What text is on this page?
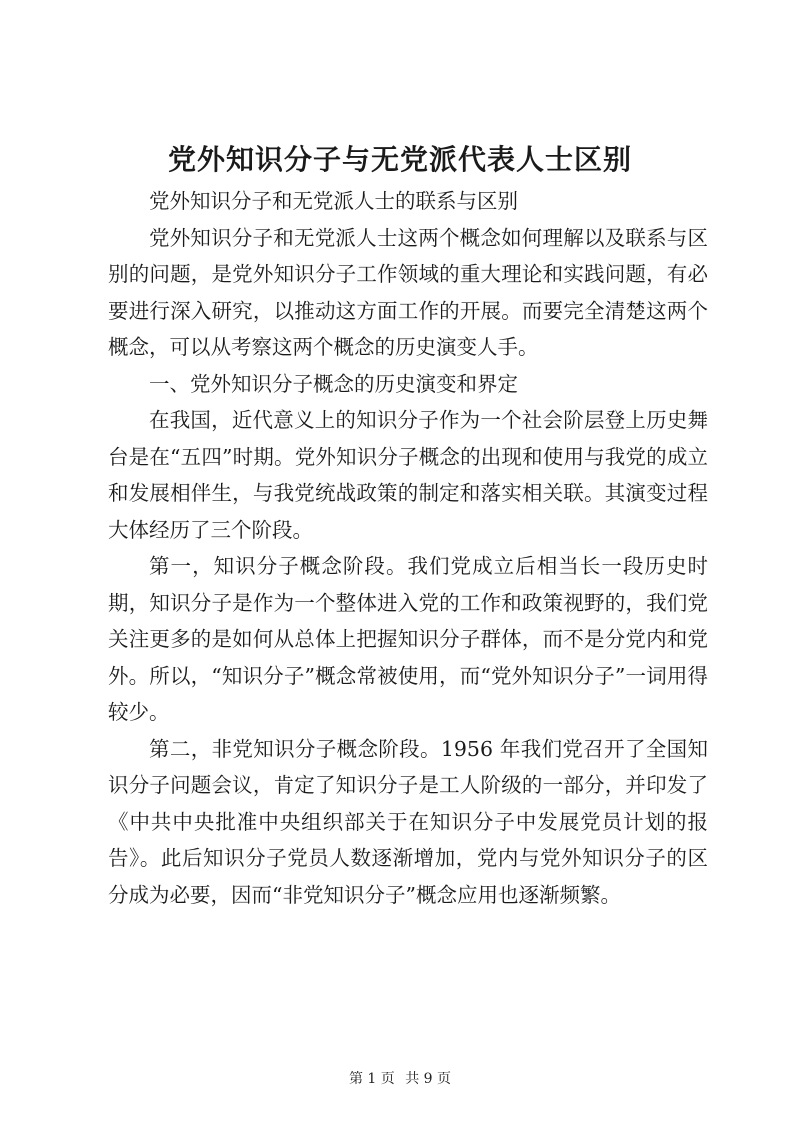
党外知识分子与无党派代表人士区别

党外知识分子和无党派人士的联系与区别

党外知识分子和无党派人士这两个概念如何理解以及联系与区别的问题，是党外知识分子工作领域的重大理论和实践问题，有必要进行深入研究，以推动这方面工作的开展。而要完全清楚这两个概念，可以从考察这两个概念的历史演变人手。

一、党外知识分子概念的历史演变和界定

在我国，近代意义上的知识分子作为一个社会阶层登上历史舞台是在“五四”时期。党外知识分子概念的出现和使用与我党的成立和发展相伴生，与我党统战政策的制定和落实相关联。其演变过程大体经历了三个阶段。

第一，知识分子概念阶段。我们党成立后相当长一段历史时期，知识分子是作为一个整体进入党的工作和政策视野的，我们党关注更多的是如何从总体上把握知识分子群体，而不是分党内和党外。所以，“知识分子”概念常被使用，而“党外知识分子”一词用得较少。

第二，非党知识分子概念阶段。1956 年我们党召开了全国知识分子问题会议，肯定了知识分子是工人阶级的一部分，并印发了《中共中央批准中央组织部关于在知识分子中发展党员计划的报告》。此后知识分子党员人数逐渐增加，党内与党外知识分子的区分成为必要，因而“非党知识分子”概念应用也逐渐频繁。

第 1 页 共 9 页
